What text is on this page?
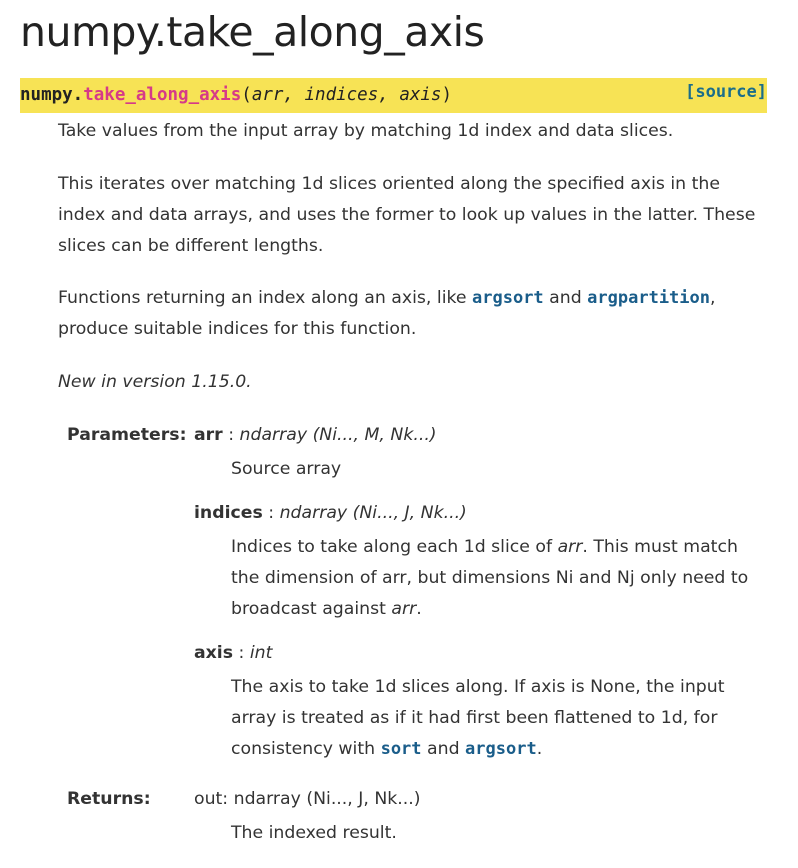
numpy.take_along_axis
numpy.take_along_axis(arr, indices, axis)	[source]

Take values from the input array by matching 1d index and data slices.

This iterates over matching 1d slices oriented along the specified axis in the index and data arrays, and uses the former to look up values in the latter. These slices can be different lengths.

Functions returning an index along an axis, like argsort and argpartition, produce suitable indices for this function.

New in version 1.15.0.
Parameters: arr : ndarray (Ni..., M, Nk...)

Source array

indices : ndarray (Ni..., J, Nk...)

Indices to take along each 1d slice of arr. This must match the dimension of arr, but dimensions Ni and Nj only need to broadcast against arr.

axis : int

The axis to take 1d slices along. If axis is None, the input array is treated as if it had first been flattened to 1d, for consistency with sort and argsort.

Returns:	out: ndarray (Ni..., J, Nk...)

The indexed result.
